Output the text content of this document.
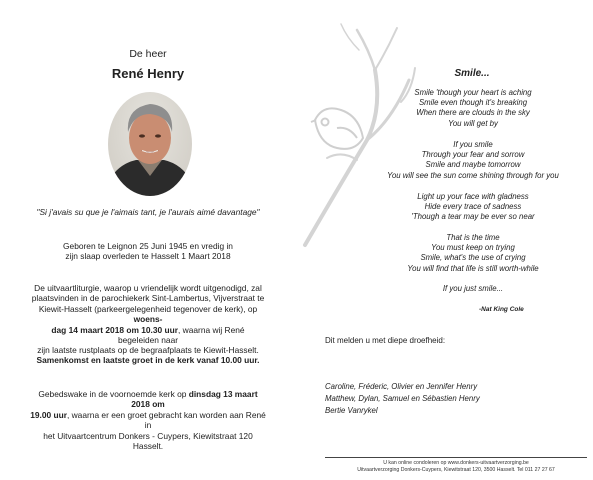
De heer
René Henry
"Si j'avais su que je l'aimais tant, je l'aurais aimé davantage"
Geboren te Leignon 25 Juni 1945 en vredig in
zijn slaap overleden te Hasselt 1 Maart 2018
De uitvaartliturgie, waarop u vriendelijk wordt uitgenodigd, zal
plaatsvinden in de parochiekerk Sint-Lambertus, Vijverstraat te
Kiewit-Hasselt (parkeergelegenheid tegenover de kerk), op woens-
dag 14 maart 2018 om 10.30 uur, waarna wij René begeleiden naar
zijn laatste rustplaats op de begraafplaats te Kiewit-Hasselt.
Samenkomst en laatste groet in de kerk vanaf 10.00 uur.
Gebedswake in de voornoemde kerk op dinsdag 13 maart 2018 om
19.00 uur, waarna er een groet gebracht kan worden aan René in
het Uitvaartcentrum Donkers - Cuypers, Kiewitstraat 120 Hasselt.
Smile...
Smile 'though your heart is aching
Smile even though it's breaking
When there are clouds in the sky
You will get by
If you smile
Through your fear and sorrow
Smile and maybe tomorrow
You will see the sun come shining through for you
Light up your face with gladness
Hide every trace of sadness
'Though a tear may be ever so near
That is the time
You must keep on trying
Smile, what's the use of crying
You will find that life is still worth-while
If you just smile...
-Nat King Cole
Dit melden u met diepe droefheid:
Caroline, Fréderic, Olivier en Jennifer Henry
Matthew, Dylan, Samuel en Sébastien Henry
Bertie Vanrykel
U kan online condoleren op www.donkers-uitvaartverzorging.be
Uitvaartverzorging Donkers-Cuypers, Kiewitstraat 120, 3500 Hasselt. Tel 011 27 27 67
